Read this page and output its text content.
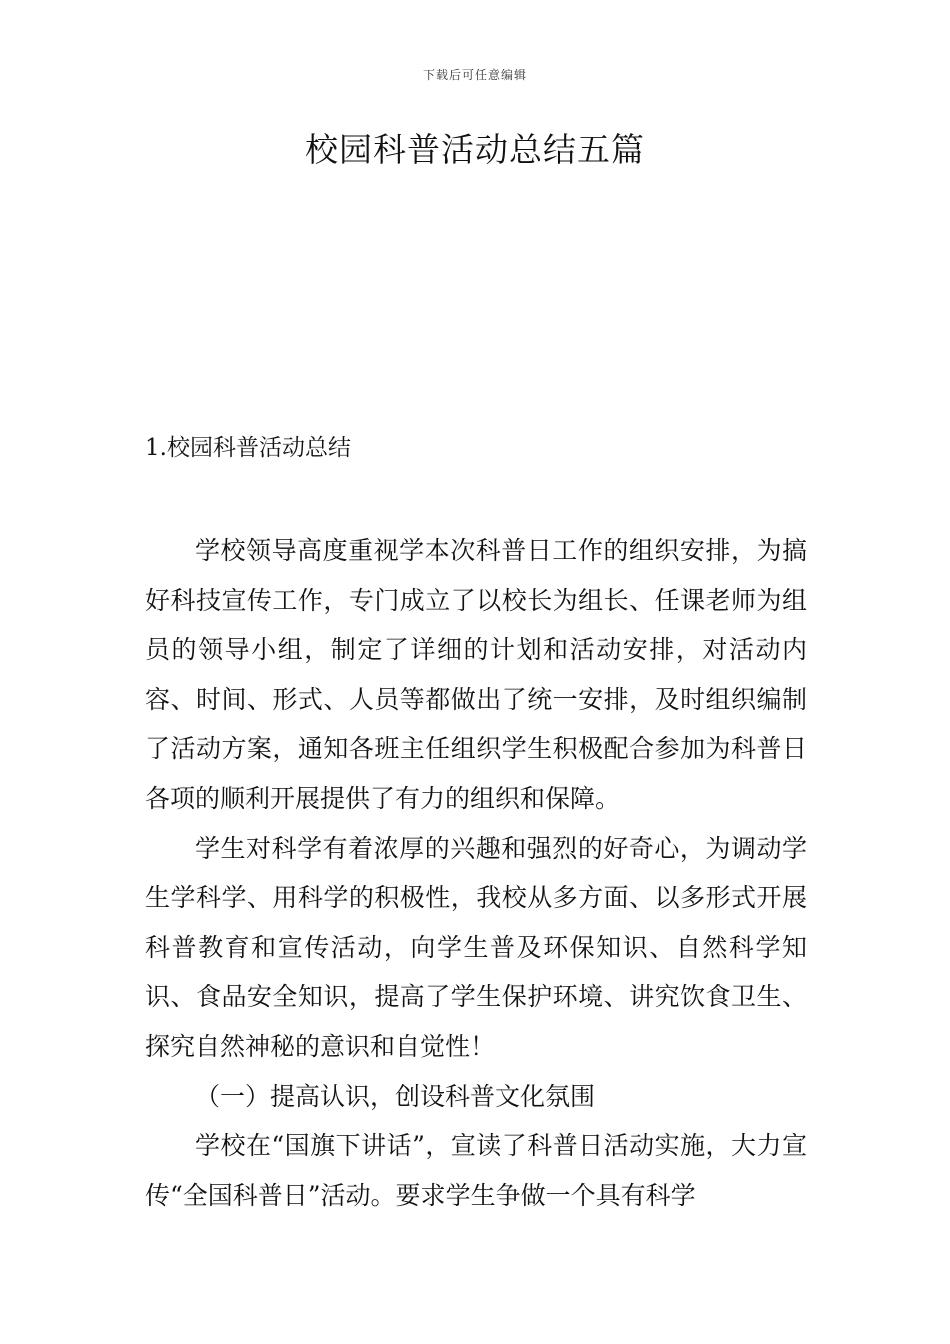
下载后可任意编辑
校园科普活动总结五篇
1.校园科普活动总结

学校领导高度重视学本次科普日工作的组织安排，为搞好科技宣传工作，专门成立了以校长为组长、任课老师为组员的领导小组，制定了详细的计划和活动安排，对活动内容、时间、形式、人员等都做出了统一安排，及时组织编制了活动方案，通知各班主任组织学生积极配合参加为科普日各项的顺利开展提供了有力的组织和保障。

学生对科学有着浓厚的兴趣和强烈的好奇心，为调动学生学科学、用科学的积极性，我校从多方面、以多形式开展科普教育和宣传活动，向学生普及环保知识、自然科学知识、食品安全知识，提高了学生保护环境、讲究饮食卫生、探究自然神秘的意识和自觉性！

（一）提高认识，创设科普文化氛围

学校在“国旗下讲话”，宣读了科普日活动实施，大力宣传“全国科普日”活动。要求学生争做一个具有科学
